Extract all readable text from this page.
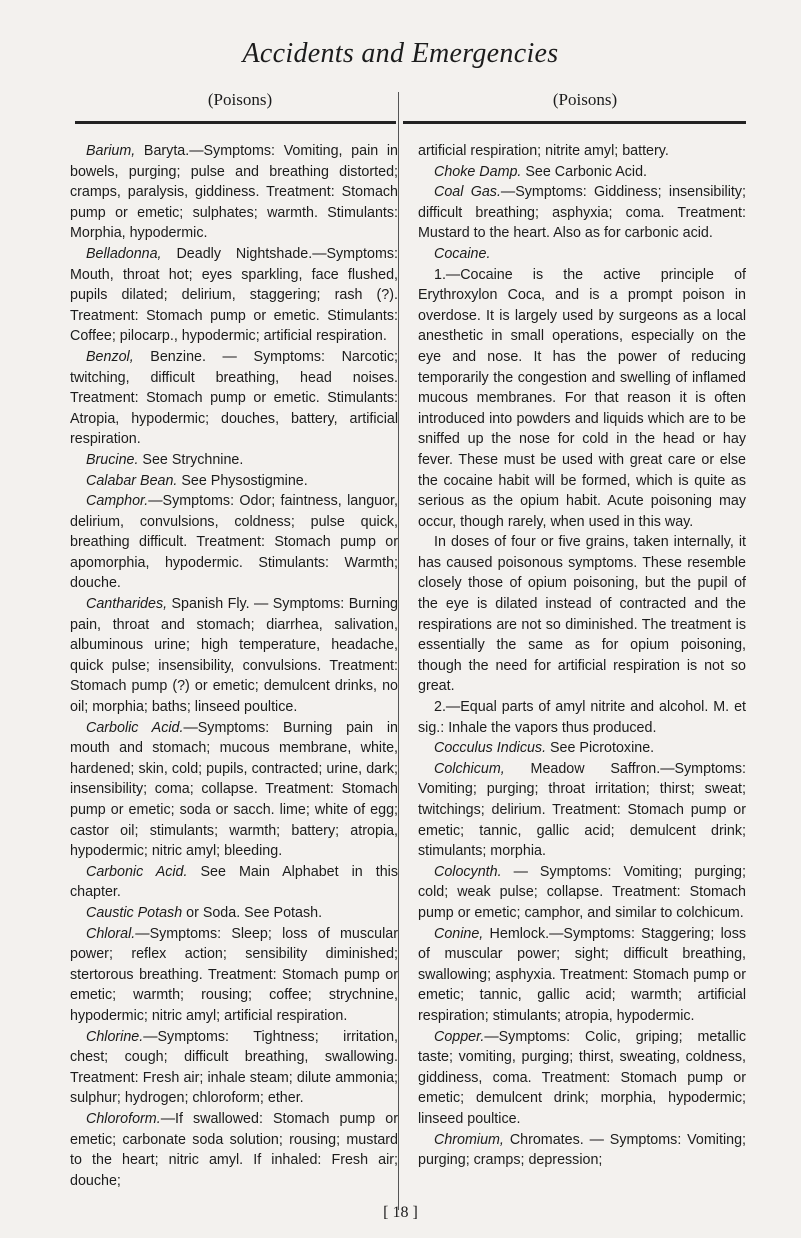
Accidents and Emergencies
(Poisons)	(Poisons)

Barium, Baryta.—Symptoms: Vomiting, pain in bowels, purging; pulse and breathing distorted; cramps, paralysis, giddiness. Treatment: Stomach pump or emetic; sulphates; warmth. Stimulants: Morphia, hypodermic.

Belladonna, Deadly Nightshade.—Symptoms: Mouth, throat hot; eyes sparkling, face flushed, pupils dilated; delirium, staggering; rash (?). Treatment: Stomach pump or emetic. Stimulants: Coffee; pilocarp., hypodermic; artificial respiration.

Benzol, Benzine. — Symptoms: Narcotic; twitching, difficult breathing, head noises. Treatment: Stomach pump or emetic. Stimulants: Atropia, hypodermic; douches, battery, artificial respiration.

Brucine. See Strychnine.

Calabar Bean. See Physostigmine.

Camphor.—Symptoms: Odor; faintness, languor, delirium, convulsions, coldness; pulse quick, breathing difficult. Treatment: Stomach pump or apomorphia, hypodermic. Stimulants: Warmth; douche.

Cantharides, Spanish Fly. — Symptoms: Burning pain, throat and stomach; diarrhea, salivation, albuminous urine; high temperature, headache, quick pulse; insensibility, convulsions. Treatment: Stomach pump (?) or emetic; demulcent drinks, no oil; morphia; baths; linseed poultice.

Carbolic Acid.—Symptoms: Burning pain in mouth and stomach; mucous membrane, white, hardened; skin, cold; pupils, contracted; urine, dark; insensibility; coma; collapse. Treatment: Stomach pump or emetic; soda or sacch. lime; white of egg; castor oil; stimulants; warmth; battery; atropia, hypodermic; nitric amyl; bleeding.

Carbonic Acid. See Main Alphabet in this chapter.

Caustic Potash or Soda. See Potash.

Chloral.—Symptoms: Sleep; loss of muscular power; reflex action; sensibility diminished; stertorous breathing. Treatment: Stomach pump or emetic; warmth; rousing; coffee; strychnine, hypodermic; nitric amyl; artificial respiration.

Chlorine.—Symptoms: Tightness; irritation, chest; cough; difficult breathing, swallowing. Treatment: Fresh air; inhale steam; dilute ammonia; sulphur; hydrogen; chloroform; ether.

Chloroform.—If swallowed: Stomach pump or emetic; carbonate soda solution; rousing; mustard to the heart; nitric amyl. If inhaled: Fresh air; douche;

artificial respiration; nitrite amyl; battery.

Choke Damp. See Carbonic Acid.

Coal Gas.—Symptoms: Giddiness; insensibility; difficult breathing; asphyxia; coma. Treatment: Mustard to the heart. Also as for carbonic acid.

Cocaine.

1.—Cocaine is the active principle of Erythroxylon Coca, and is a prompt poison in overdose. It is largely used by surgeons as a local anesthetic in small operations, especially on the eye and nose. It has the power of reducing temporarily the congestion and swelling of inflamed mucous membranes. For that reason it is often introduced into powders and liquids which are to be sniffed up the nose for cold in the head or hay fever. These must be used with great care or else the cocaine habit will be formed, which is quite as serious as the opium habit. Acute poisoning may occur, though rarely, when used in this way.

In doses of four or five grains, taken internally, it has caused poisonous symptoms. These resemble closely those of opium poisoning, but the pupil of the eye is dilated instead of contracted and the respirations are not so diminished. The treatment is essentially the same as for opium poisoning, though the need for artificial respiration is not so great.

2.—Equal parts of amyl nitrite and alcohol. M. et sig.: Inhale the vapors thus produced.

Cocculus Indicus. See Picrotoxine.

Colchicum, Meadow Saffron.—Symptoms: Vomiting; purging; throat irritation; thirst; sweat; twitchings; delirium. Treatment: Stomach pump or emetic; tannic, gallic acid; demulcent drink; stimulants; morphia.

Colocynth. — Symptoms: Vomiting; purging; cold; weak pulse; collapse. Treatment: Stomach pump or emetic; camphor, and similar to colchicum.

Conine, Hemlock.—Symptoms: Staggering; loss of muscular power; sight; difficult breathing, swallowing; asphyxia. Treatment: Stomach pump or emetic; tannic, gallic acid; warmth; artificial respiration; stimulants; atropia, hypodermic.

Copper.—Symptoms: Colic, griping; metallic taste; vomiting, purging; thirst, sweating, coldness, giddiness, coma. Treatment: Stomach pump or emetic; demulcent drink; morphia, hypodermic; linseed poultice.

Chromium, Chromates. — Symptoms: Vomiting; purging; cramps; depression;

[ 18 ]
